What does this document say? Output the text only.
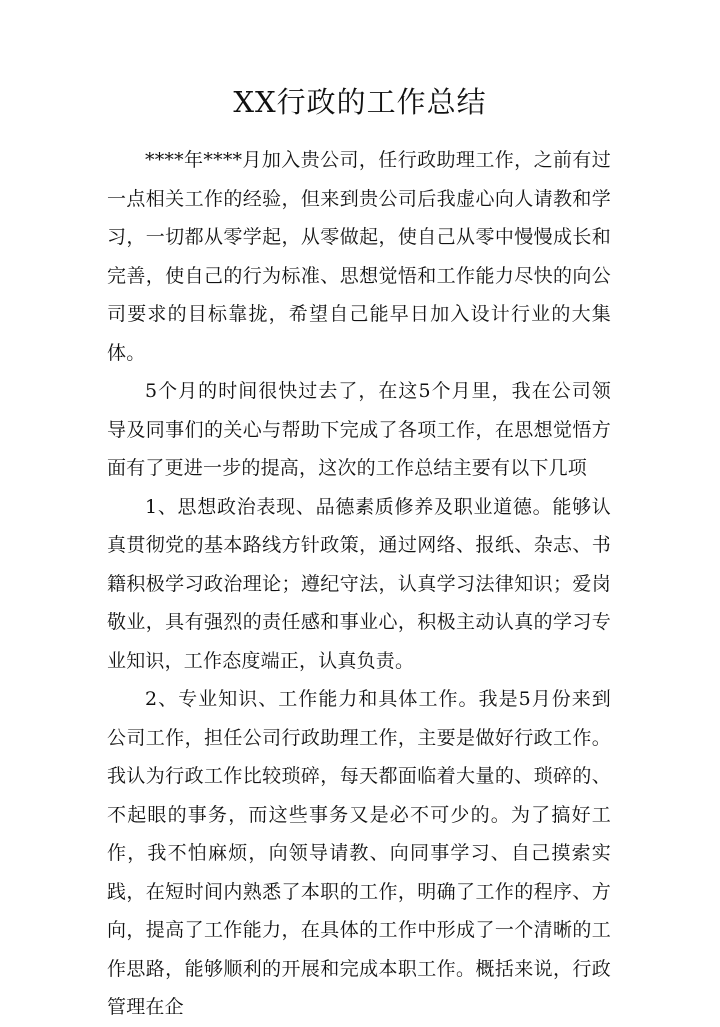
XX行政的工作总结

****年****月加入贵公司，任行政助理工作，之前有过一点相关工作的经验，但来到贵公司后我虚心向人请教和学习，一切都从零学起，从零做起，使自己从零中慢慢成长和完善，使自己的行为标准、思想觉悟和工作能力尽快的向公司要求的目标靠拢，希望自己能早日加入设计行业的大集体。

5个月的时间很快过去了，在这5个月里，我在公司领导及同事们的关心与帮助下完成了各项工作，在思想觉悟方面有了更进一步的提高，这次的工作总结主要有以下几项

1、思想政治表现、品德素质修养及职业道德。能够认真贯彻党的基本路线方针政策，通过网络、报纸、杂志、书籍积极学习政治理论；遵纪守法，认真学习法律知识；爱岗敬业，具有强烈的责任感和事业心，积极主动认真的学习专业知识，工作态度端正，认真负责。

2、专业知识、工作能力和具体工作。我是5月份来到公司工作，担任公司行政助理工作，主要是做好行政工作。我认为行政工作比较琐碎，每天都面临着大量的、琐碎的、不起眼的事务，而这些事务又是必不可少的。为了搞好工作，我不怕麻烦，向领导请教、向同事学习、自己摸索实践，在短时间内熟悉了本职的工作，明确了工作的程序、方向，提高了工作能力，在具体的工作中形成了一个清晰的工作思路，能够顺利的开展和完成本职工作。概括来说，行政管理在企
